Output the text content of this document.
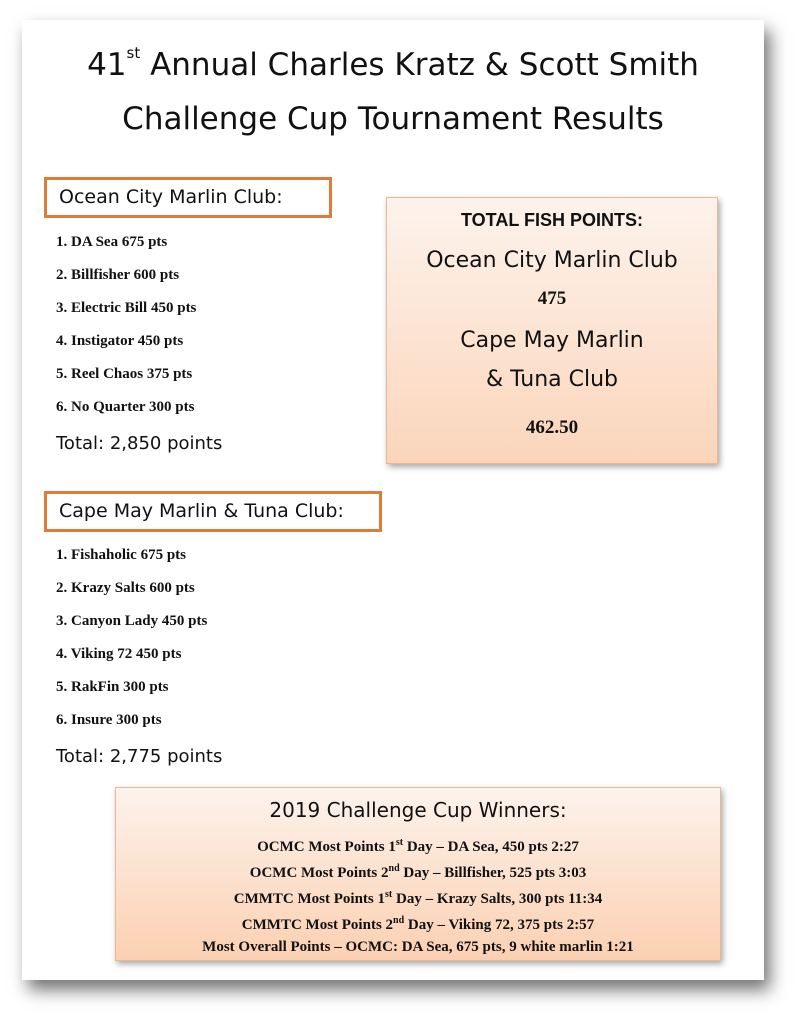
41st Annual Charles Kratz & Scott Smith
Challenge Cup Tournament Results
Ocean City Marlin Club:
1. DA Sea 675 pts
2. Billfisher 600 pts
3. Electric Bill 450 pts
4. Instigator 450 pts
5. Reel Chaos 375 pts
6. No Quarter 300 pts
Total: 2,850 points
Cape May Marlin & Tuna Club:
1. Fishaholic 675 pts
2. Krazy Salts 600 pts
3. Canyon Lady 450 pts
4. Viking 72 450 pts
5. RakFin 300 pts
6. Insure 300 pts
Total: 2,775 points
TOTAL FISH POINTS:
Ocean City Marlin Club
475
Cape May Marlin
& Tuna Club
462.50
2019 Challenge Cup Winners:
OCMC Most Points 1st Day – DA Sea, 450 pts 2:27
OCMC Most Points 2nd Day – Billfisher, 525 pts 3:03
CMMTC Most Points 1st Day – Krazy Salts, 300 pts 11:34
CMMTC Most Points 2nd Day – Viking 72, 375 pts 2:57
Most Overall Points – OCMC: DA Sea, 675 pts, 9 white marlin 1:21
